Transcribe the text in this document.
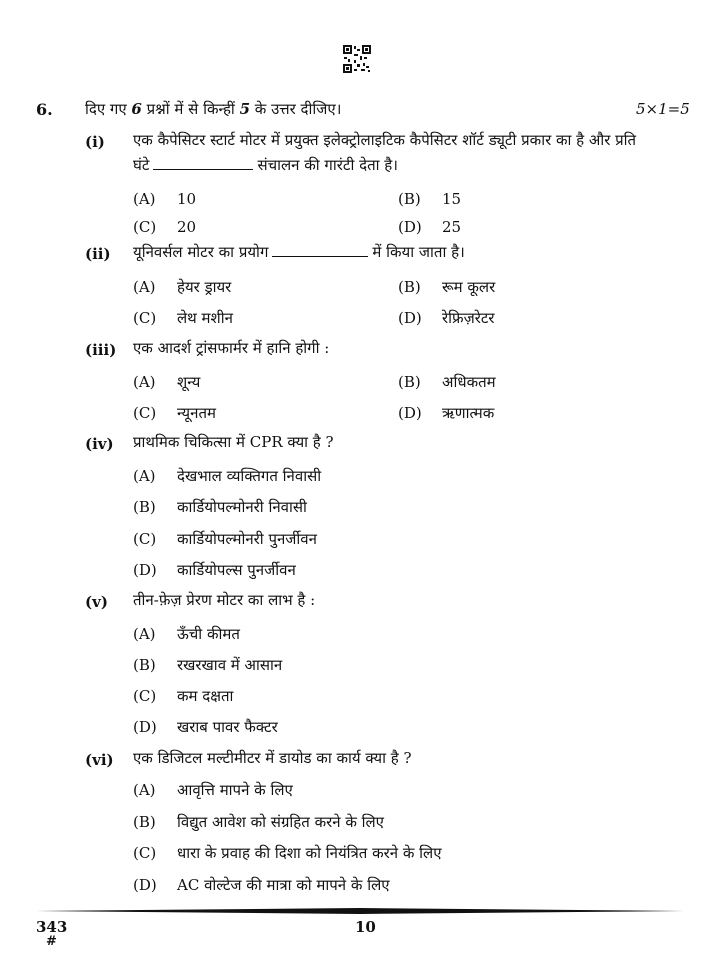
6. दिए गए 6 प्रश्नों में से किन्हीं 5 के उत्तर दीजिए।	5×1=5
(i) एक कैपेसिटर स्टार्ट मोटर में प्रयुक्त इलेक्ट्रोलाइटिक कैपेसिटर शॉर्ट ड्यूटी प्रकार का है और प्रति
घंटे	संचालन की गारंटी देता है।
(A) 10	(B) 15
(C) 20	(D) 25
(ii) यूनिवर्सल मोटर का प्रयोग	में किया जाता है।
(A) हेयर ड्रायर	(B) रूम कूलर
(C) लेथ मशीन	(D) रेफ्रिज़रेटर
(iii) एक आदर्श ट्रांसफार्मर में हानि होगी :
(A) शून्य	(B) अधिकतम
(C) न्यूनतम	(D) ऋणात्मक
(iv) प्राथमिक चिकित्सा में CPR क्या है ?
(A) देखभाल व्यक्तिगत निवासी
(B) कार्डियोपल्मोनरी निवासी
(C) कार्डियोपल्मोनरी पुनर्जीवन
(D) कार्डियोपल्स पुनर्जीवन
(v) तीन-फ़ेज़ प्रेरण मोटर का लाभ है :
(A) ऊँची कीमत
(B) रखरखाव में आसान
(C) कम दक्षता
(D) खराब पावर फैक्टर
(vi) एक डिजिटल मल्टीमीटर में डायोड का कार्य क्या है ?
(A) आवृत्ति मापने के लिए
(B) विद्युत आवेश को संग्रहित करने के लिए
(C) धारा के प्रवाह की दिशा को नियंत्रित करने के लिए
(D) AC वोल्टेज की मात्रा को मापने के लिए
343
#
10
